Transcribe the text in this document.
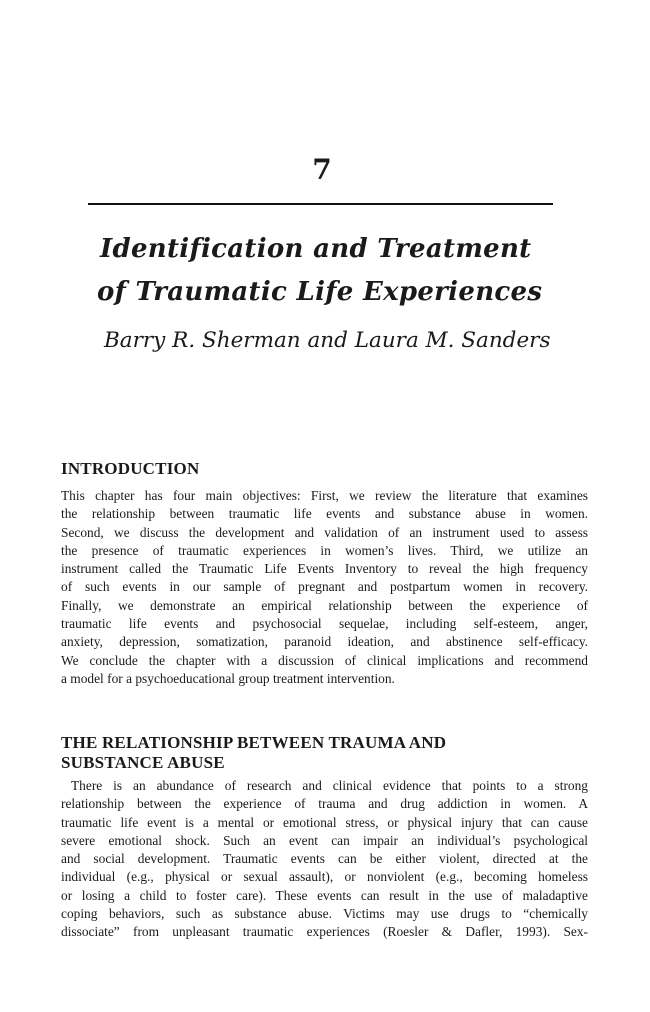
7
Identification and Treatment
of Traumatic Life Experiences
Barry R. Sherman and Laura M. Sanders
INTRODUCTION
This chapter has four main objectives: First, we review the literature that examines
the relationship between traumatic life events and substance abuse in women.
Second, we discuss the development and validation of an instrument used to assess
the presence of traumatic experiences in women’s lives. Third, we utilize an
instrument called the Traumatic Life Events Inventory to reveal the high frequency
of such events in our sample of pregnant and postpartum women in recovery.
Finally, we demonstrate an empirical relationship between the experience of
traumatic life events and psychosocial sequelae, including self-esteem, anger,
anxiety, depression, somatization, paranoid ideation, and abstinence self-efficacy.
We conclude the chapter with a discussion of clinical implications and recommend
a model for a psychoeducational group treatment intervention.
THE RELATIONSHIP BETWEEN TRAUMA AND
SUBSTANCE ABUSE
There is an abundance of research and clinical evidence that points to a strong
relationship between the experience of trauma and drug addiction in women. A
traumatic life event is a mental or emotional stress, or physical injury that can cause
severe emotional shock. Such an event can impair an individual’s psychological
and social development. Traumatic events can be either violent, directed at the
individual (e.g., physical or sexual assault), or nonviolent (e.g., becoming homeless
or losing a child to foster care). These events can result in the use of maladaptive
coping behaviors, such as substance abuse. Victims may use drugs to “chemically
dissociate” from unpleasant traumatic experiences (Roesler & Dafler, 1993). Sex-
